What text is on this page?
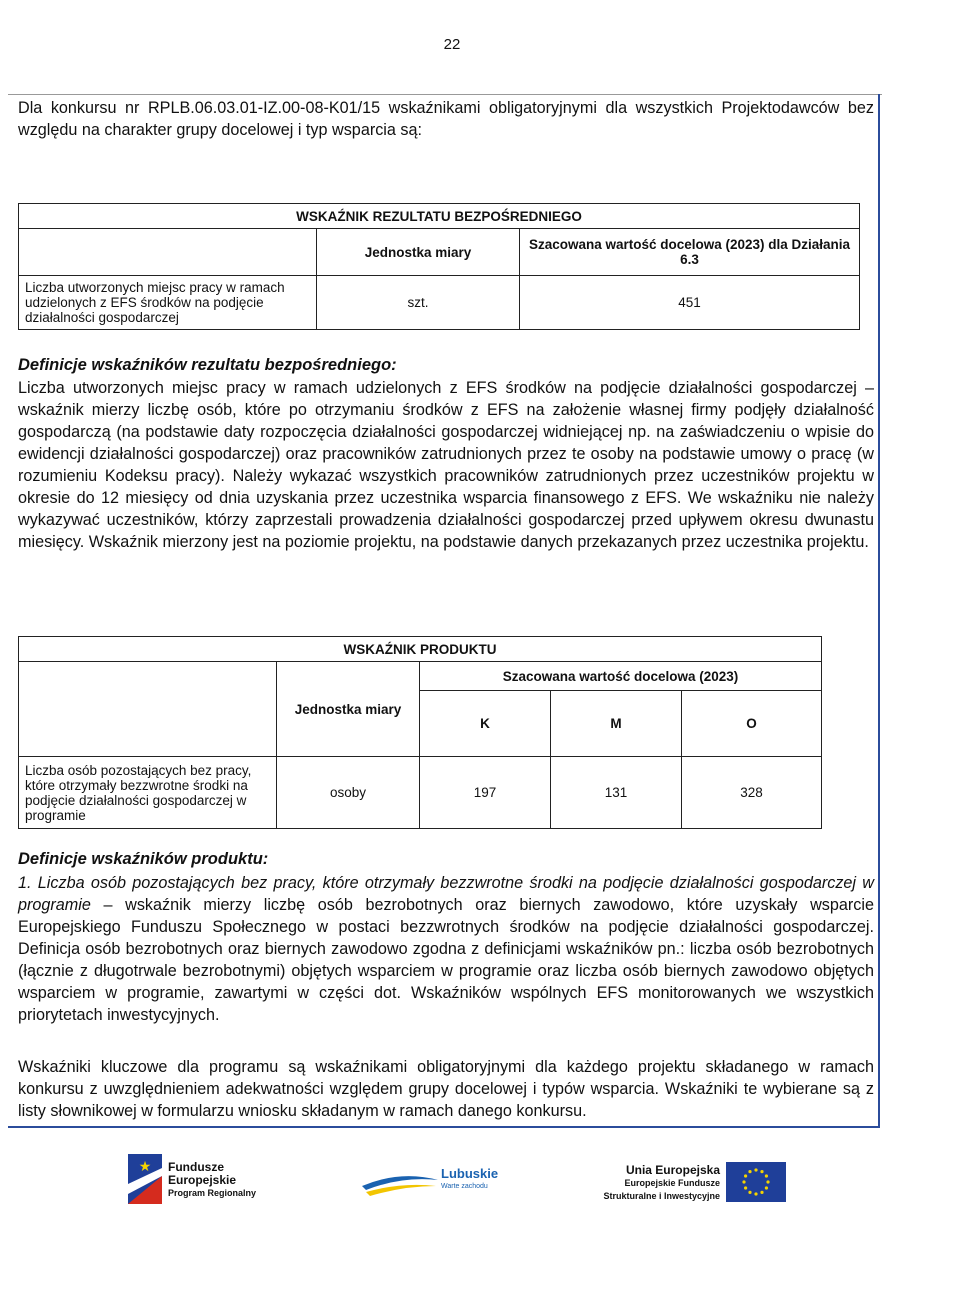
22
Dla konkursu nr RPLB.06.03.01-IZ.00-08-K01/15 wskaźnikami obligatoryjnymi dla wszystkich Projektodawców bez względu na charakter grupy docelowej i typ wsparcia są:
WSKAŹNIK REZULTATU BEZPOŚREDNIEGO		
	Jednostka miary	Szacowana wartość docelowa (2023) dla Działania 6.3
Liczba utworzonych miejsc pracy w ramach udzielonych z EFS środków na podjęcie działalności gospodarczej	szt.	451
Definicje wskaźników rezultatu bezpośredniego:
Liczba utworzonych miejsc pracy w ramach udzielonych z EFS środków na podjęcie działalności gospodarczej – wskaźnik mierzy liczbę osób, które po otrzymaniu środków z EFS na założenie własnej firmy podjęły działalność gospodarczą (na podstawie daty rozpoczęcia działalności gospodarczej widniejącej np. na zaświadczeniu o wpisie do ewidencji działalności gospodarczej) oraz pracowników zatrudnionych przez te osoby na podstawie umowy o pracę (w rozumieniu Kodeksu pracy). Należy wykazać wszystkich pracowników zatrudnionych przez uczestników projektu w okresie do 12 miesięcy od dnia uzyskania przez uczestnika wsparcia finansowego z EFS. We wskaźniku nie należy wykazywać uczestników, którzy zaprzestali prowadzenia działalności gospodarczej przed upływem okresu dwunastu miesięcy. Wskaźnik mierzony jest na poziomie projektu, na podstawie danych przekazanych przez uczestnika projektu.
WSKAŹNIK PRODUKTU				
	Jednostka miary	Szacowana wartość docelowa (2023)		
		K	M	O
Liczba osób pozostających bez pracy, które otrzymały bezzwrotne środki na podjęcie działalności gospodarczej w programie	osoby	197	131	328
Definicje wskaźników produktu:
1. Liczba osób pozostających bez pracy, które otrzymały bezzwrotne środki na podjęcie działalności gospodarczej w programie – wskaźnik mierzy liczbę osób bezrobotnych oraz biernych zawodowo, które uzyskały wsparcie Europejskiego Funduszu Społecznego w postaci bezzwrotnych środków na podjęcie działalności gospodarczej. Definicja osób bezrobotnych oraz biernych zawodowo zgodna z definicjami wskaźników pn.: liczba osób bezrobotnych (łącznie z długotrwale bezrobotnymi) objętych wsparciem w programie oraz liczba osób biernych zawodowo objętych wsparciem w programie, zawartymi w części dot. Wskaźników wspólnych EFS monitorowanych we wszystkich priorytetach inwestycyjnych.
Wskaźniki kluczowe dla programu są wskaźnikami obligatoryjnymi dla każdego projektu składanego w ramach konkursu z uwzględnieniem adekwatności względem grupy docelowej i typów wsparcia. Wskaźniki te wybierane są z listy słownikowej w formularzu wniosku składanym w ramach danego konkursu.
★ Fundusze
Europejskie
Program Regionalny
Lubuskie
Warte zachodu
Unia Europejska
Europejskie Fundusze
Strukturalne i Inwestycyjne
